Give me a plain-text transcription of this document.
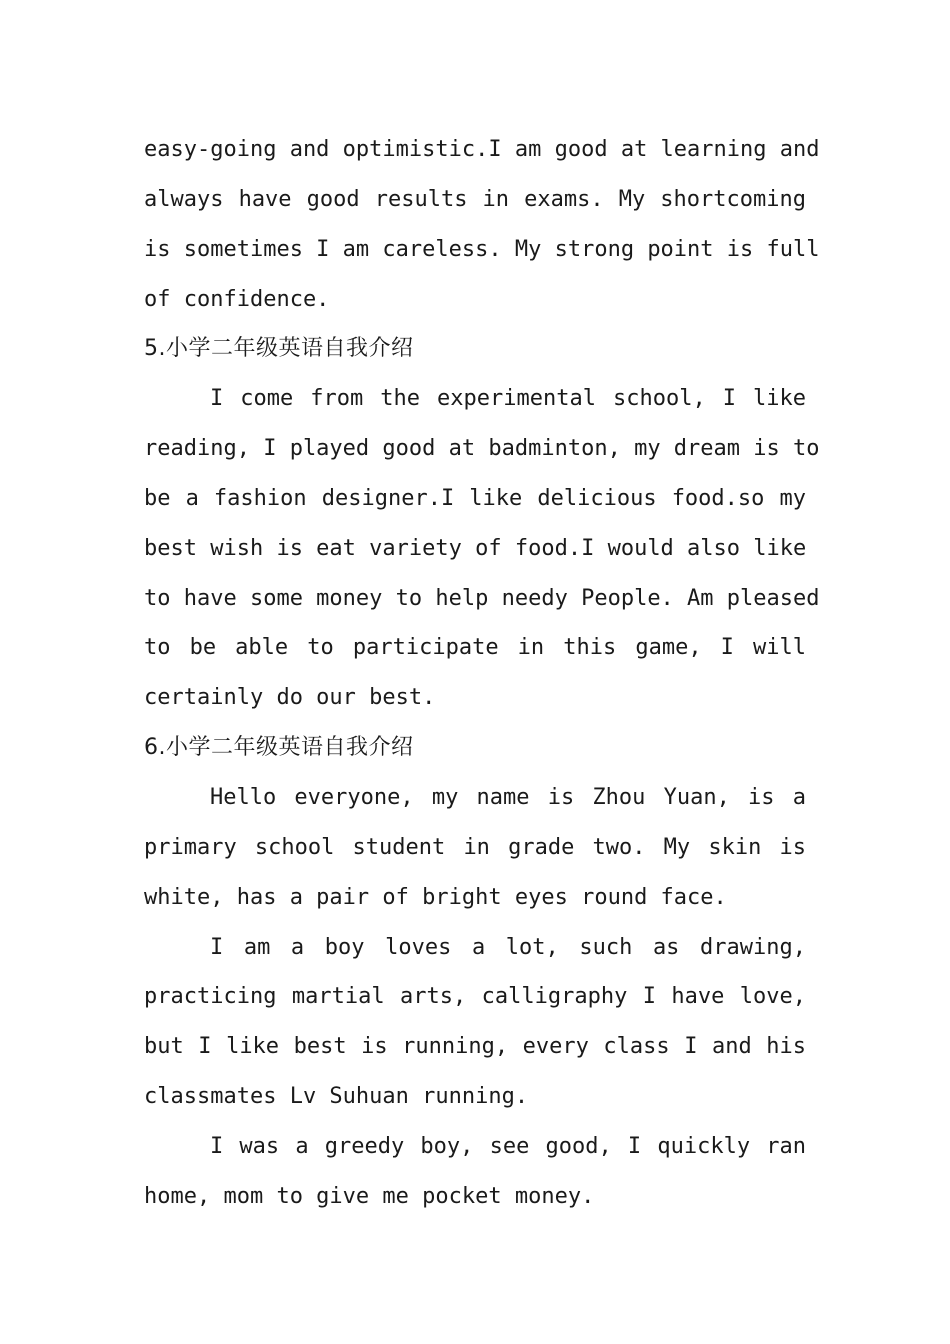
easy-going and optimistic.I am good at learning and
always have good results in exams. My shortcoming
is sometimes I am careless. My strong point is full
of confidence.
5.小学二年级英语自我介绍
I come from the experimental school, I like
reading, I played good at badminton, my dream is to
be a fashion designer.I like delicious food.so my
best wish is eat variety of food.I would also like
to have some money to help needy People. Am pleased
to be able to participate in this game, I will
certainly do our best.
6.小学二年级英语自我介绍
Hello everyone, my name is Zhou Yuan, is a
primary school student in grade two. My skin is
white, has a pair of bright eyes round face.
I am a boy loves a lot, such as drawing,
practicing martial arts, calligraphy I have love,
but I like best is running, every class I and his
classmates Lv Suhuan running.
I was a greedy boy, see good, I quickly ran
home, mom to give me pocket money.
